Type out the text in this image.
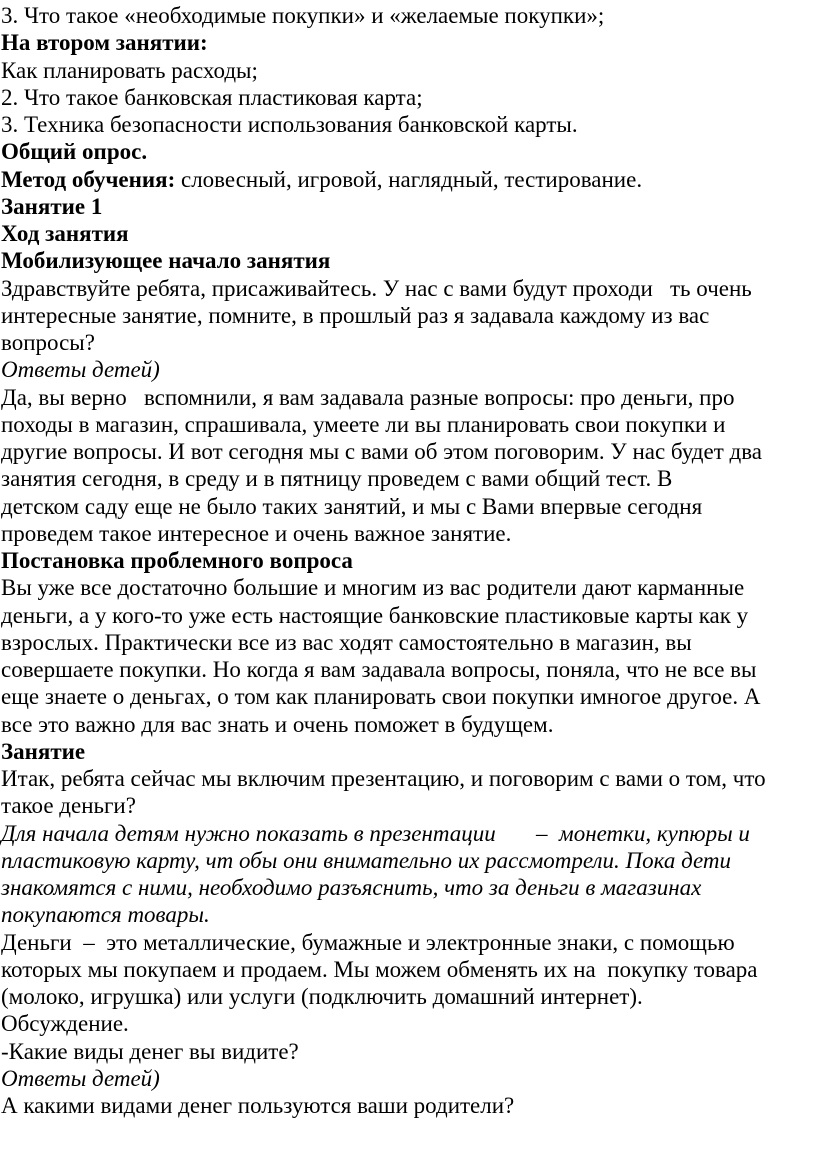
3. Что такое «необходимые покупки» и «желаемые покупки»;
На втором занятии:
Как планировать расходы;
2. Что такое банковская пластиковая карта;
3. Техника безопасности использования банковской карты.
Общий опрос.
Метод обучения: словесный, игровой, наглядный, тестирование.
Занятие 1
Ход занятия
Мобилизующее начало занятия
Здравствуйте ребята, присаживайтесь. У нас с вами будут проходи   ть очень
интересные занятие, помните, в прошлый раз я задавала каждому из вас
вопросы?
Ответы детей)
Да, вы верно   вспомнили, я вам задавала разные вопросы: про деньги, про
походы в магазин, спрашивала, умеете ли вы планировать свои покупки и
другие вопросы. И вот сегодня мы с вами об этом поговорим. У нас будет два
занятия сегодня, в среду и в пятницу проведем с вами общий тест. В
детском саду еще не было таких занятий, и мы с Вами впервые сегодня
проведем такое интересное и очень важное занятие.
Постановка проблемного вопроса
Вы уже все достаточно большие и многим из вас родители дают карманные
деньги, а у кого-то уже есть настоящие банковские пластиковые карты как у
взрослых. Практически все из вас ходят самостоятельно в магазин, вы
совершаете покупки. Но когда я вам задавала вопросы, поняла, что не все вы
еще знаете о деньгах, о том как планировать свои покупки имногое другое. А
все это важно для вас знать и очень поможет в будущем.
Занятие
Итак, ребята сейчас мы включим презентацию, и поговорим с вами о том, что
такое деньги?
Для начала детям нужно показать в презентации       –  монетки, купюры и
пластиковую карту, чт обы они внимательно их рассмотрели. Пока дети
знакомятся с ними, необходимо разъяснить, что за деньги в магазинах
покупаются товары.
Деньги  –  это металлические, бумажные и электронные знаки, с помощью
которых мы покупаем и продаем. Мы можем обменять их на  покупку товара
(молоко, игрушка) или услуги (подключить домашний интернет).
Обсуждение.
-Какие виды денег вы видите?
Ответы детей)
А какими видами денег пользуются ваши родители?
